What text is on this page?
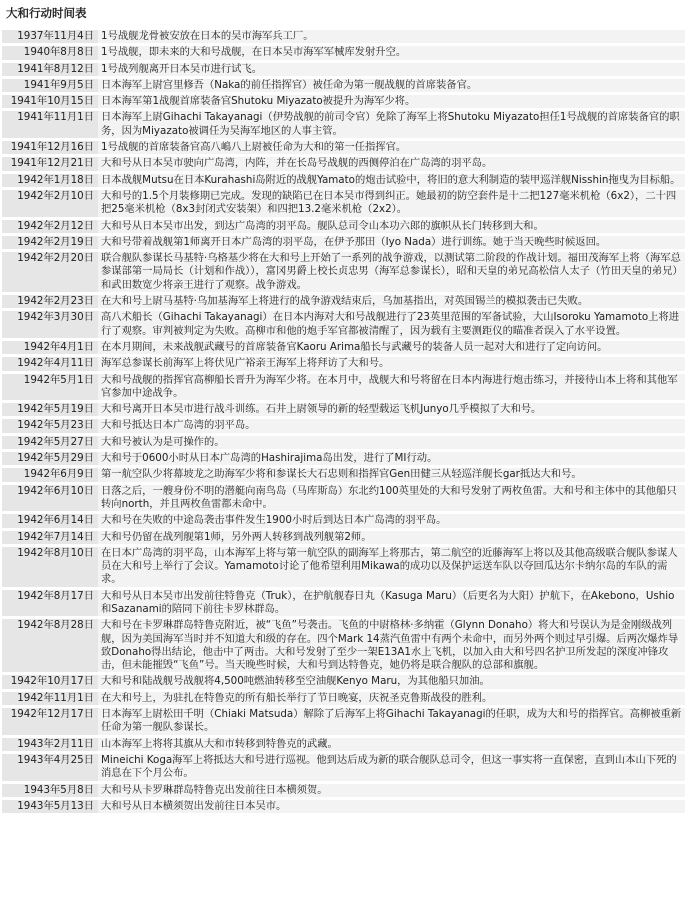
大和行动时间表
1937年11月4日	1号战舰龙骨被安放在日本的吴市海军兵工厂。
1940年8月8日	1号战舰，即未来的大和号战舰，在日本吴市海军军械库发射升空。
1941年8月12日	1号战列舰离开日本吴市进行试飞。
1941年9月5日	日本海军上尉宫里修吾（Naka的前任指挥官）被任命为第一舰战舰的首席装备官。
1941年10月15日	日本海军第1战舰首席装备官Shutoku Miyazato被提升为海军少将。
1941年11月1日	日本海军上尉Gihachi Takayanagi（伊势战舰的前司令官）免除了海军上将Shutoku Miyazato担任1号战舰的首席装备官的职务，因为Miyazato被调任为吴海军地区的人事主管。
1941年12月16日	1号战舰的首席装备官高八嶋八上尉被任命为大和的第一任指挥官。
1941年12月21日	大和号从日本吴市驶向广岛湾，内阵，并在长岛号战舰的西侧停泊在广岛湾的羽平岛。
1942年1月18日	日本战舰Mutsu在日本Kurahashi岛附近的战舰Yamato的炮击试验中，将旧的意大利制造的装甲巡洋舰Nisshin拖曳为目标船。
1942年2月10日	大和号的1.5个月装修期已完成。发现的缺陷已在日本吴市得到纠正。她最初的防空套件是十二把127毫米机枪（6x2），二十四把25毫米机枪（8x3封闭式安装架）和四把13.2毫米机枪（2x2）。
1942年2月12日	大和号从日本吴市出发，到达广岛湾的羽平岛。舰队总司令山本功六郎的旗帜从长门转移到大和。
1942年2月19日	大和号带着战舰第1师离开日本广岛湾的羽平岛，在伊予那田（Iyo Nada）进行训练。她于当天晚些时候返回。
1942年2月20日	联合舰队参谋长马基特·乌格基少将在大和号上开始了一系列的战争游戏，以测试第二阶段的作战计划。福田茂海军上将（海军总参谋部第一局局长（计划和作战）），富冈男爵上校长贞忠男（海军总参谋长），昭和天皇的弟兄高松信人太子（竹田天皇的弟兄）和武田数宽少将亲王进行了观察。战争游戏。
1942年2月23日	在大和号上尉马基特·乌加基海军上将进行的战争游戏结束后，乌加基指出，对英国锡兰的模拟袭击已失败。
1942年3月30日	高八术船长（Gihachi Takayanagi）在日本内海对大和号战舰进行了23英里范围的军备试验，大山Isoroku Yamamoto上将进行了观察。审判被判定为失败。高柳市和他的炮手军官都被清醒了，因为载有主要测距仪的瞄准者误入了水平设置。
1942年4月1日	在本月期间，未来战舰武藏号的首席装备官Kaoru Arima船长与武藏号的装备人员一起对大和进行了定向访问。
1942年4月11日	海军总参谋长前海军上将伏见广裕亲王海军上将拜访了大和号。
1942年5月1日	大和号战舰的指挥官高柳船长晋升为海军少将。在本月中，战舰大和号将留在日本内海进行炮击练习，并接待山本上将和其他军官参加中途战争。
1942年5月19日	大和号离开日本吴市进行战斗训练。石井上尉领导的新的轻型载运飞机Junyo几乎模拟了大和号。
1942年5月23日	大和号抵达日本广岛湾的羽平岛。
1942年5月27日	大和号被认为是可操作的。
1942年5月29日	大和号于0600小时从日本广岛湾的Hashirajima岛出发，进行了MI行动。
1942年6月9日	第一航空队少将幕坡龙之助海军少将和参谋长大石忠则和指挥官Gen田健三从轻巡洋舰长gar抵达大和号。
1942年6月10日	日落之后，一艘身份不明的潜艇向南鸟岛（马库斯岛）东北约100英里处的大和号发射了两枚鱼雷。大和号和主体中的其他船只转向north，并且两枚鱼雷都未命中。
1942年6月14日	大和号在失败的中途岛袭击事件发生1900小时后到达日本广岛湾的羽平岛。
1942年7月14日	大和号仍留在战列舰第1师，另外两人转移到战列舰第2师。
1942年8月10日	在日本广岛湾的羽平岛，山本海军上将与第一航空队的副海军上将那古，第二航空的近藤海军上将以及其他高级联合舰队参谋人员在大和号上举行了会议。Yamamoto讨论了他希望利用Mikawa的成功以及保护运送车队以夺回瓜达尔卡纳尔岛的车队的需求。
1942年8月17日	大和号从日本吴市出发前往特鲁克（Truk），在护航舰春日丸（Kasuga Maru）（后更名为大阳）护航下，在Akebono，Ushio和Sazanami的陪同下前往卡罗林群岛。
1942年8月28日	大和号在卡罗琳群岛特鲁克附近，被“飞鱼”号袭击。飞鱼的中尉格林·多纳霍（Glynn Donaho）将大和号误认为是金刚级战列舰，因为美国海军当时并不知道大和级的存在。四个Mark 14蒸汽鱼雷中有两个未命中，而另外两个则过早引爆。后两次爆炸导致Donaho得出结论，他击中了两击。大和号发射了至少一架E13A1水上飞机，以加入由大和号四名护卫所发起的深度冲锋攻击，但未能摧毁“飞鱼”号。当天晚些时候，大和号到达特鲁克，她仍将是联合舰队的总部和旗舰。
1942年10月17日	大和号和陆战舰号战舰将4,500吨燃油转移至空油舰Kenyo Maru，为其他船只加油。
1942年11月1日	在大和号上，为驻扎在特鲁克的所有船长举行了节日晚宴，庆祝圣克鲁斯战役的胜利。
1942年12月17日	日本海军上尉松田千明（Chiaki Matsuda）解除了后海军上将Gihachi Takayanagi的任职，成为大和号的指挥官。高柳被重新任命为第一舰队参谋长。
1943年2月11日	山本海军上将将其旗从大和市转移到特鲁克的武藏。
1943年4月25日	Mineichi Koga海军上将抵达大和号进行巡视。他到达后成为新的联合舰队总司令，但这一事实将一直保密，直到山本山下死的消息在下个月公布。
1943年5月8日	大和号从卡罗琳群岛特鲁克出发前往日本横须贺。
1943年5月13日	大和号从日本横须贺出发前往日本吴市。
